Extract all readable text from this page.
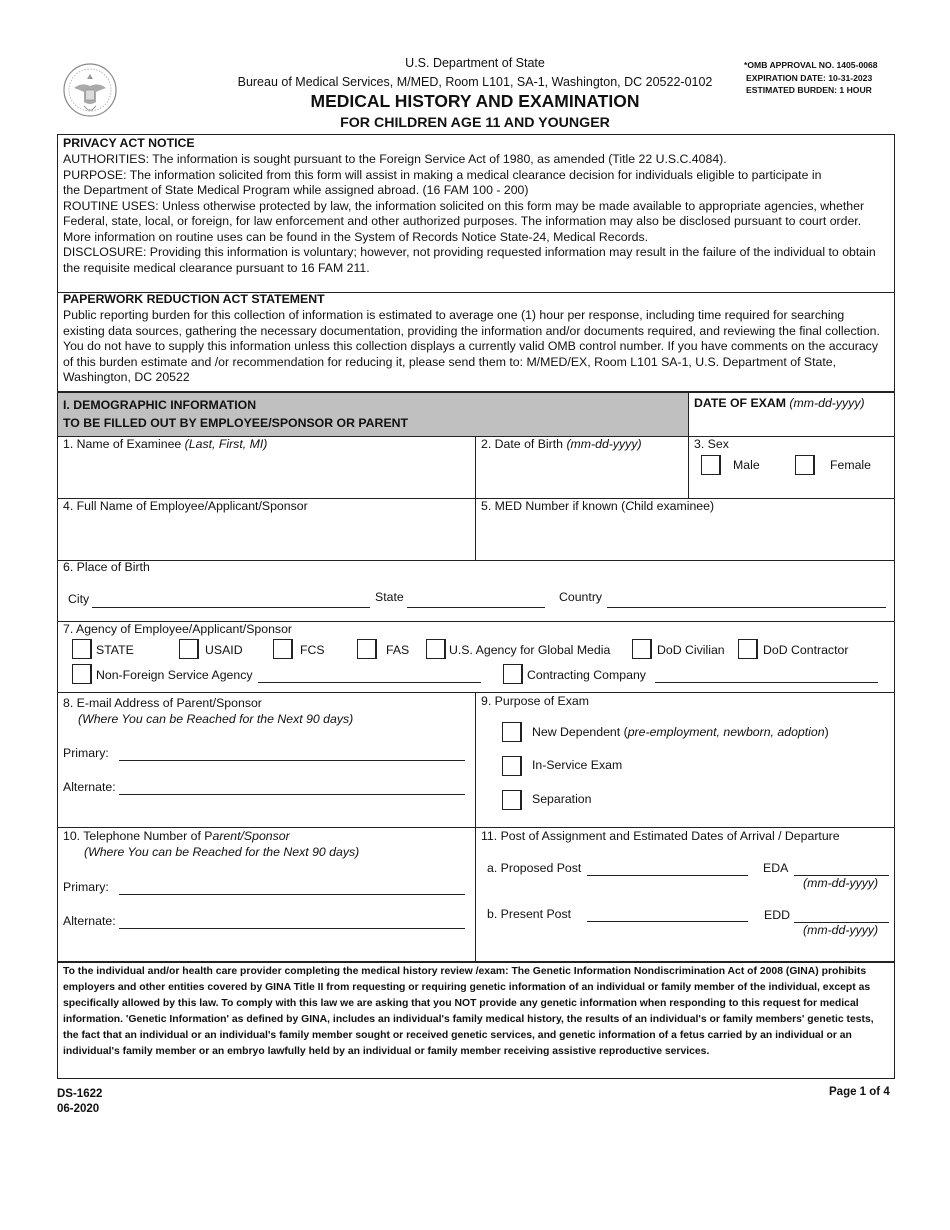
U.S. Department of State
Bureau of Medical Services, M/MED, Room L101, SA-1, Washington, DC 20522-0102
MEDICAL HISTORY AND EXAMINATION
FOR CHILDREN AGE 11 AND YOUNGER
*OMB APPROVAL NO. 1405-0068
EXPIRATION DATE: 10-31-2023
ESTIMATED BURDEN: 1 HOUR
PRIVACY ACT NOTICE
AUTHORITIES: The information is sought pursuant to the Foreign Service Act of 1980, as amended (Title 22 U.S.C.4084).
PURPOSE: The information solicited from this form will assist in making a medical clearance decision for individuals eligible to participate in
the Department of State Medical Program while assigned abroad. (16 FAM 100 - 200)
ROUTINE USES: Unless otherwise protected by law, the information solicited on this form may be made available to appropriate agencies, whether
Federal, state, local, or foreign, for law enforcement and other authorized purposes. The information may also be disclosed pursuant to court order.
More information on routine uses can be found in the System of Records Notice State-24, Medical Records.
DISCLOSURE: Providing this information is voluntary; however, not providing requested information may result in the failure of the individual to obtain
the requisite medical clearance pursuant to 16 FAM 211.
PAPERWORK REDUCTION ACT STATEMENT
Public reporting burden for this collection of information is estimated to average one (1) hour per response, including time required for searching
existing data sources, gathering the necessary documentation, providing the information and/or documents required, and reviewing the final collection.
You do not have to supply this information unless this collection displays a currently valid OMB control number. If you have comments on the accuracy
of this burden estimate and /or recommendation for reducing it, please send them to: M/MED/EX, Room L101 SA-1, U.S. Department of State,
Washington, DC 20522
I. DEMOGRAPHIC INFORMATION
TO BE FILLED OUT BY EMPLOYEE/SPONSOR OR PARENT
DATE OF EXAM (mm-dd-yyyy)
1. Name of Examinee (Last, First, MI)	2. Date of Birth (mm-dd-yyyy)	3. Sex
Male	Female
4. Full Name of Employee/Applicant/Sponsor	5. MED Number if known (Child examinee)
6. Place of Birth
City	State	Country
7. Agency of Employee/Applicant/Sponsor
STATE	USAID	FCS	FAS	U.S. Agency for Global Media	DoD Civilian	DoD Contractor
Non-Foreign Service Agency	Contracting Company
8. E-mail Address of Parent/Sponsor
(Where You can be Reached for the Next 90 days)
Primary:
Alternate:
9. Purpose of Exam
New Dependent (pre-employment, newborn, adoption)
In-Service Exam
Separation
10. Telephone Number of Parent/Sponsor
(Where You can be Reached for the Next 90 days)
Primary:
Alternate:
11. Post of Assignment and Estimated Dates of Arrival / Departure
a. Proposed Post	EDA
(mm-dd-yyyy)
b. Present Post	EDD
(mm-dd-yyyy)
To the individual and/or health care provider completing the medical history review /exam: The Genetic Information Nondiscrimination Act of 2008 (GINA) prohibits employers and other entities covered by GINA Title II from requesting or requiring genetic information of an individual or family member of the individual, except as specifically allowed by this law. To comply with this law we are asking that you NOT provide any genetic information when responding to this request for medical information. 'Genetic Information' as defined by GINA, includes an individual's family medical history, the results of an individual's or family members' genetic tests, the fact that an individual or an individual's family member sought or received genetic services, and genetic information of a fetus carried by an individual or an individual's family member or an embryo lawfully held by an individual or family member receiving assistive reproductive services.
DS-1622
06-2020
Page 1 of 4
